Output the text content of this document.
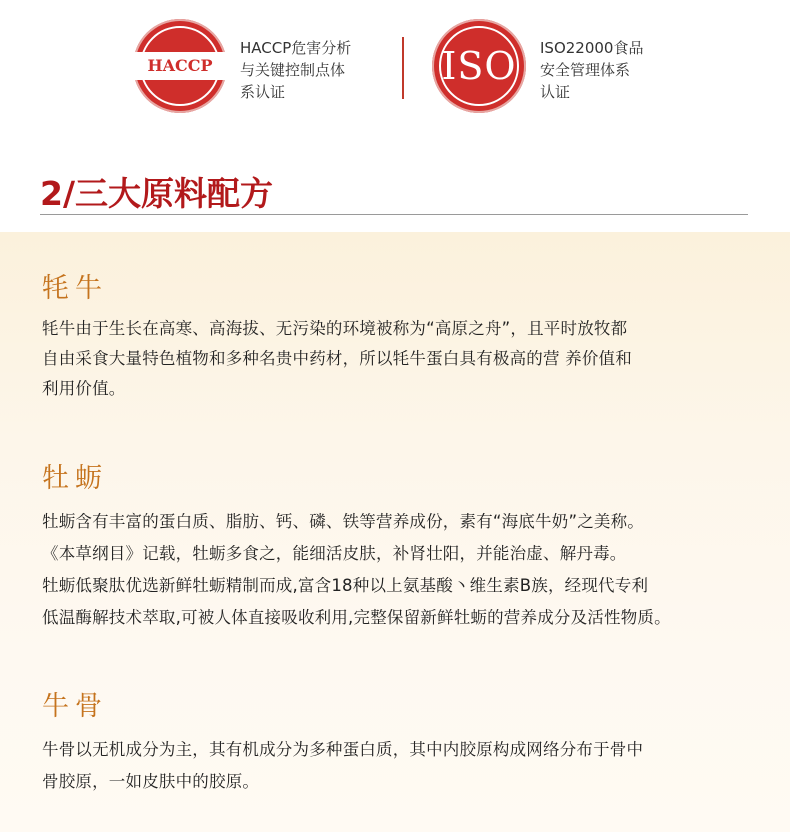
HACCP
HACCP危害分析
与关键控制点体
系认证
ISO	ISO22000食品
安全管理体系
认证
2/三大原料配方
牦牛
牦牛由于生长在高寒、高海拔、无污染的环境被称为“高原之舟”，且平时放牧都
自由采食大量特色植物和多种名贵中药材，所以牦牛蛋白具有极高的营 养价值和
利用价值。
牡蛎
牡蛎含有丰富的蛋白质、脂肪、钙、磷、铁等营养成份，素有“海底牛奶”之美称。
《本草纲目》记载，牡蛎多食之，能细活皮肤，补肾壮阳，并能治虚、解丹毒。
牡蛎低聚肽优选新鲜牡蛎精制而成,富含18种以上氨基酸丶维生素B族，经现代专利
低温酶解技术萃取,可被人体直接吸收利用,完整保留新鲜牡蛎的营养成分及活性物质。
牛骨
牛骨以无机成分为主，其有机成分为多种蛋白质，其中内胶原构成网络分布于骨中
骨胶原，一如皮肤中的胶原。
